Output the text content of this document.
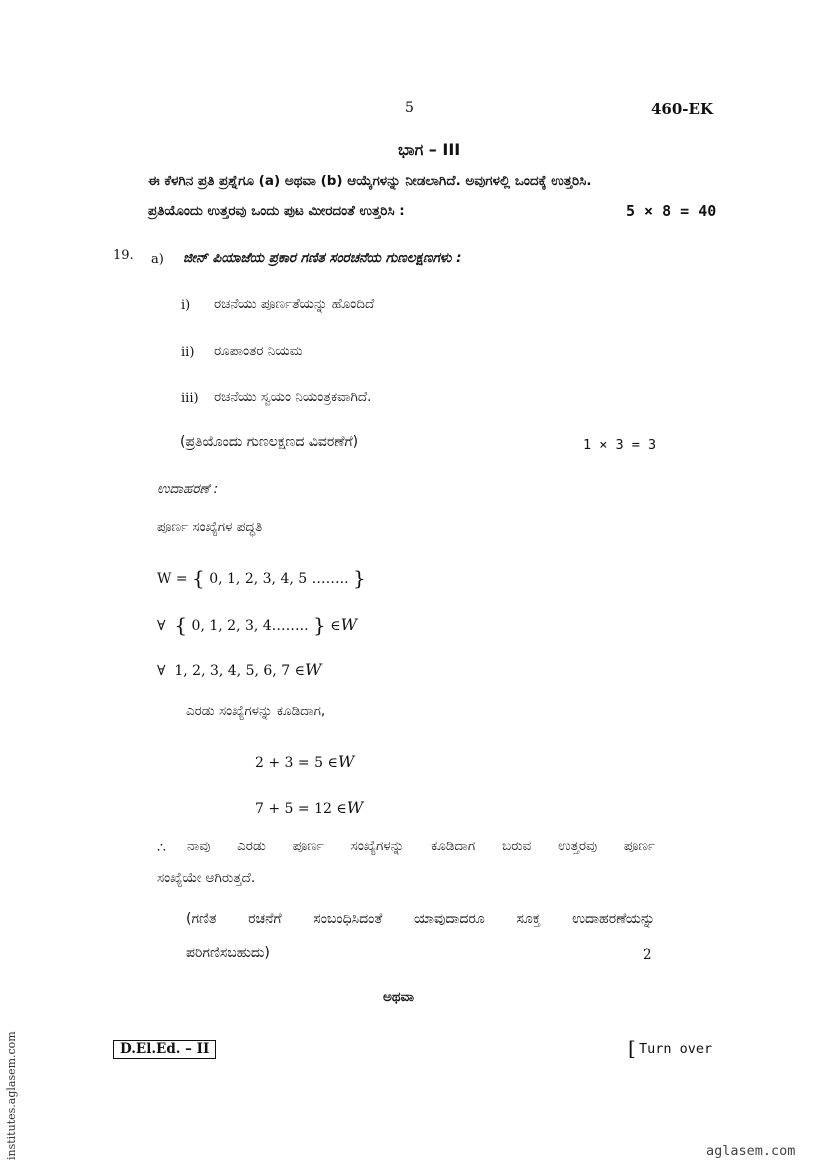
5	460-EK
ಭಾಗ – III
ಈ ಕೆಳಗಿನ ಪ್ರತಿ ಪ್ರಶ್ನೆಗೂ (a) ಅಥವಾ (b) ಆಯ್ಕೆಗಳನ್ನು ನೀಡಲಾಗಿದೆ. ಅವುಗಳಲ್ಲಿ ಒಂದಕ್ಕೆ ಉತ್ತರಿಸಿ.
ಪ್ರತಿಯೊಂದು ಉತ್ತರವು ಒಂದು ಪುಟ ಮೀರದಂತೆ ಉತ್ತರಿಸಿ :	5 × 8 = 40
19. a) ಜೀನ್ ಪಿಯಾಜೆಯ ಪ್ರಕಾರ ಗಣಿತ ಸಂರಚನೆಯ ಗುಣಲಕ್ಷಣಗಳು :
i) ರಚನೆಯು ಪೂರ್ಣತೆಯನ್ನು ಹೊಂದಿದೆ
ii) ರೂಪಾಂತರ ನಿಯಮ
iii) ರಚನೆಯು ಸ್ವಯಂ ನಿಯಂತ್ರಕವಾಗಿದೆ.
(ಪ್ರತಿಯೊಂದು ಗುಣಲಕ್ಷಣದ ವಿವರಣೆಗೆ)	1 × 3 = 3
ಉದಾಹರಣೆ :
ಪೂರ್ಣ ಸಂಖ್ಯೆಗಳ ಪದ್ಧತಿ
W = { 0, 1, 2, 3, 4, 5 …….. }
∀ { 0, 1, 2, 3, 4…….. } ∈W
∀ 1, 2, 3, 4, 5, 6, 7 ∈W
ಎರಡು ಸಂಖ್ಯೆಗಳನ್ನು ಕೂಡಿದಾಗ,
2 + 3 = 5 ∈W
7 + 5 = 12 ∈W
∴ ನಾವು ಎರಡು ಪೂರ್ಣ ಸಂಖ್ಯೆಗಳನ್ನು ಕೂಡಿದಾಗ ಬರುವ ಉತ್ತರವು ಪೂರ್ಣ
ಸಂಖ್ಯೆಯೇ ಆಗಿರುತ್ತದೆ.
(ಗಣಿತ ರಚನೆಗೆ ಸಂಬಂಧಿಸಿದಂತೆ ಯಾವುದಾದರೂ ಸೂಕ್ತ ಉದಾಹರಣೆಯನ್ನು
ಪರಿಗಣಿಸಬಹುದು)	2
ಅಥವಾ
D.El.Ed. – II	[ Turn over
institutes.aglasem.com	aglasem.com
